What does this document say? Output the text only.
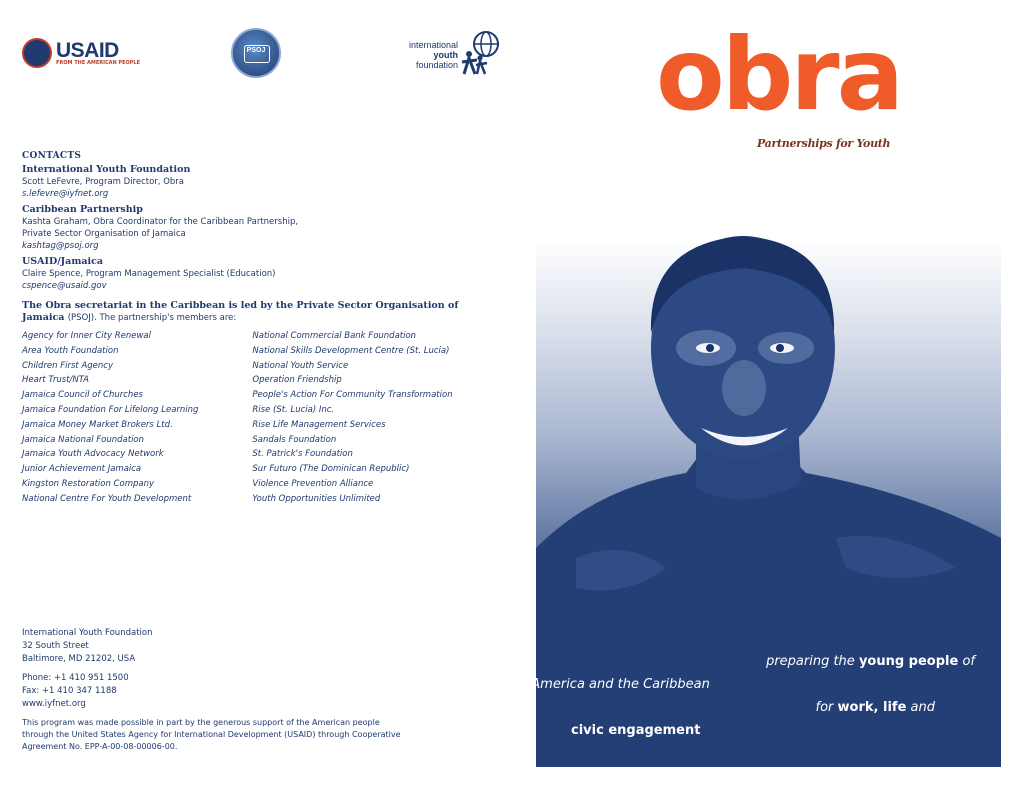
USAID
FROM THE AMERICAN PEOPLE
PSOJ
international
youth
foundation
CONTACTS
International Youth Foundation
Scott LeFevre, Program Director, Obra
s.lefevre@iyfnet.org
Caribbean Partnership
Kashta Graham, Obra Coordinator for the Caribbean Partnership,
Private Sector Organisation of Jamaica
kashtag@psoj.org
USAID/Jamaica
Claire Spence, Program Management Specialist (Education)
cspence@usaid.gov
The Obra secretariat in the Caribbean is led by the Private Sector Organisation of Jamaica (PSOJ). The partnership's members are:
Agency for Inner City Renewal
Area Youth Foundation
Children First Agency
Heart Trust/NTA
Jamaica Council of Churches
Jamaica Foundation For Lifelong Learning
Jamaica Money Market Brokers Ltd.
Jamaica National Foundation
Jamaica Youth Advocacy Network
Junior Achievement Jamaica
Kingston Restoration Company
National Centre For Youth Development
National Commercial Bank Foundation
National Skills Development Centre (St. Lucia)
National Youth Service
Operation Friendship
People's Action For Community Transformation
Rise (St. Lucia) Inc.
Rise Life Management Services
Sandals Foundation
St. Patrick's Foundation
Sur Futuro (The Dominican Republic)
Violence Prevention Alliance
Youth Opportunities Unlimited
International Youth Foundation
32 South Street
Baltimore, MD 21202, USA
Phone: +1 410 951 1500
Fax: +1 410 347 1188
www.iyfnet.org
This program was made possible in part by the generous support of the American people
through the United States Agency for International Development (USAID) through Cooperative
Agreement No. EPP-A-00-08-00006-00.
obra
Partnerships for Youth
preparing the young people of
Latin America and the Caribbean
for work, life and
civic engagement
